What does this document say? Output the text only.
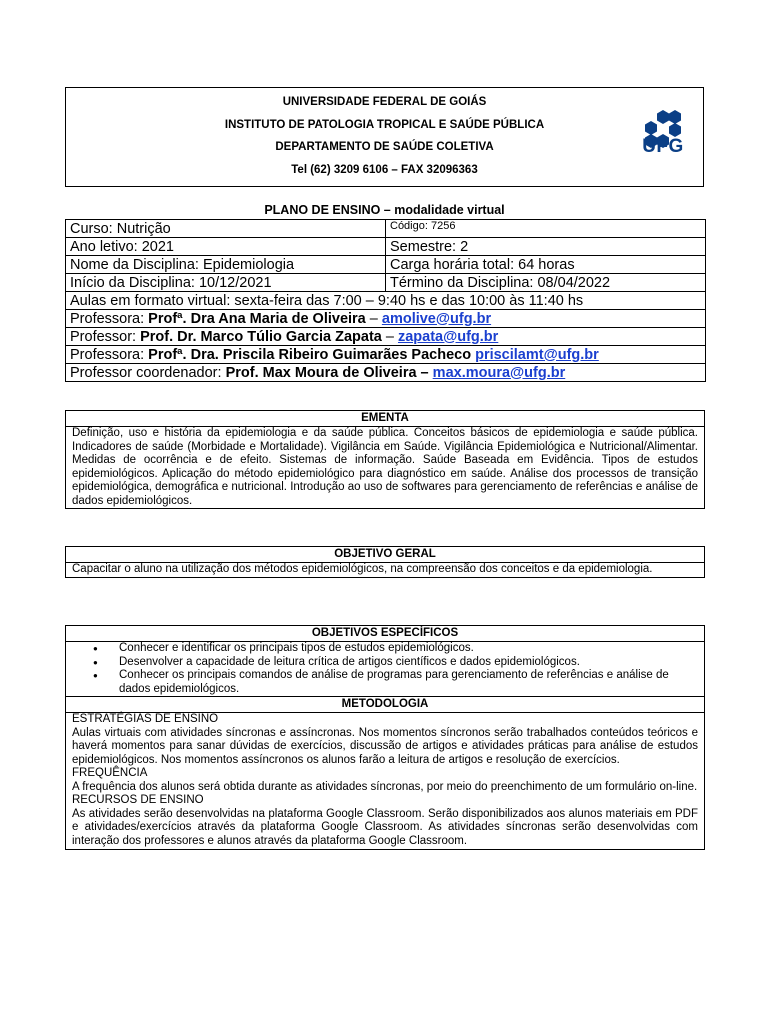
UNIVERSIDADE FEDERAL DE GOIÁS
INSTITUTO DE PATOLOGIA TROPICAL E SAÚDE PÚBLICA
DEPARTAMENTO DE SAÚDE COLETIVA
Tel (62) 3209 6106 – FAX 32096363
UFG
PLANO DE ENSINO – modalidade virtual
Curso: Nutrição	Código: 7256
Ano letivo: 2021	Semestre: 2
Nome da Disciplina: Epidemiologia	Carga horária total: 64 horas
Início da Disciplina: 10/12/2021	Término da Disciplina: 08/04/2022
Aulas em formato virtual: sexta-feira das 7:00 – 9:40 hs e das 10:00 às 11:40 hs	
Professora: Profª. Dra Ana Maria de Oliveira – amolive@ufg.br	
Professor: Prof. Dr. Marco Túlio Garcia Zapata – zapata@ufg.br	
Professora: Profª. Dra. Priscila Ribeiro Guimarães Pacheco priscilamt@ufg.br	
Professor coordenador: Prof. Max Moura de Oliveira – max.moura@ufg.br	
EMENTA
Definição, uso e história da epidemiologia e da saúde pública. Conceitos básicos de epidemiologia e saúde pública. Indicadores de saúde (Morbidade e Mortalidade). Vigilância em Saúde. Vigilância Epidemiológica e Nutricional/Alimentar. Medidas de ocorrência e de efeito. Sistemas de informação. Saúde Baseada em Evidência. Tipos de estudos epidemiológicos. Aplicação do método epidemiológico para diagnóstico em saúde. Análise dos processos de transição epidemiológica, demográfica e nutricional. Introdução ao uso de softwares para gerenciamento de referências e análise de dados epidemiológicos.
OBJETIVO GERAL
Capacitar o aluno na utilização dos métodos epidemiológicos, na compreensão dos conceitos e da epidemiologia.
OBJETIVOS ESPECÍFICOS
● Conhecer e identificar os principais tipos de estudos epidemiológicos.
● Desenvolver a capacidade de leitura crítica de artigos científicos e dados epidemiológicos.
● Conhecer os principais comandos de análise de programas para gerenciamento de referências e análise de dados epidemiológicos.
METODOLOGIA
ESTRATÉGIAS DE ENSINO
Aulas virtuais com atividades síncronas e assíncronas. Nos momentos síncronos serão trabalhados conteúdos teóricos e haverá momentos para sanar dúvidas de exercícios, discussão de artigos e atividades práticas para análise de estudos epidemiológicos. Nos momentos assíncronos os alunos farão a leitura de artigos e resolução de exercícios.
FREQUÊNCIA
A frequência dos alunos será obtida durante as atividades síncronas, por meio do preenchimento de um formulário on-line.
RECURSOS DE ENSINO
As atividades serão desenvolvidas na plataforma Google Classroom. Serão disponibilizados aos alunos materiais em PDF e atividades/exercícios através da plataforma Google Classroom. As atividades síncronas serão desenvolvidas com interação dos professores e alunos através da plataforma Google Classroom.
